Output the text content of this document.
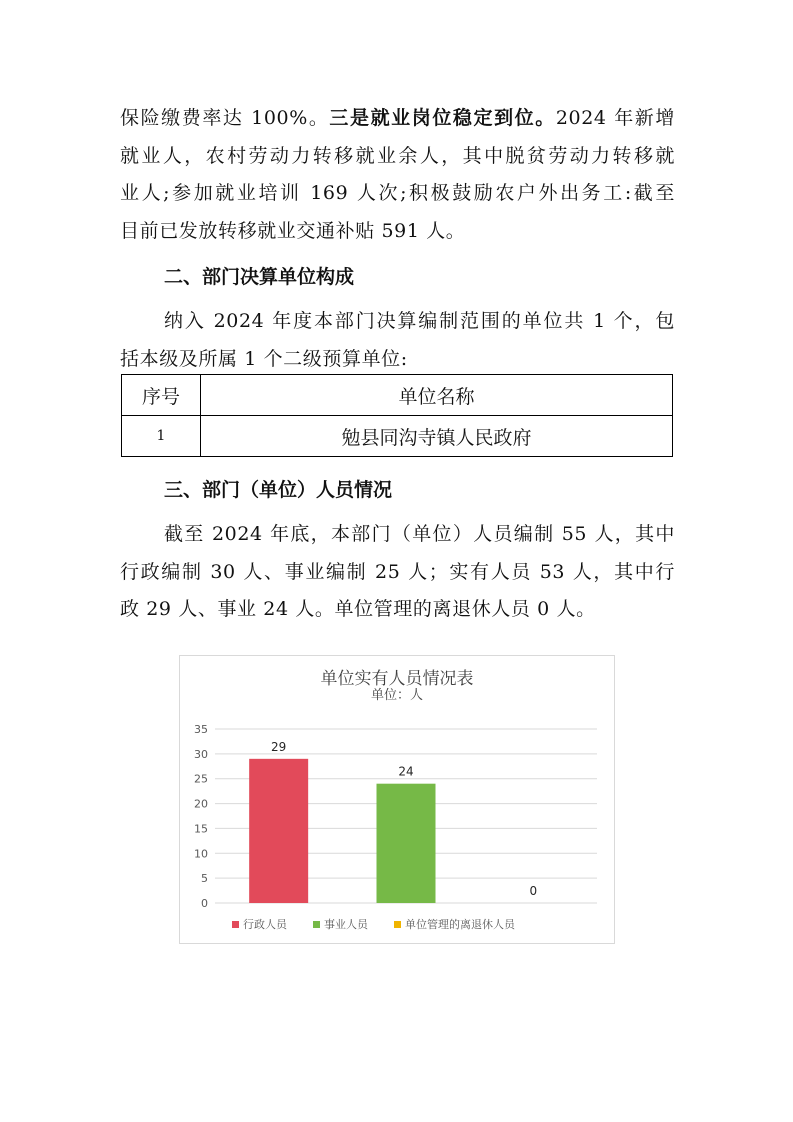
保险缴费率达 100%。三是就业岗位稳定到位。2024 年新增

就业人，农村劳动力转移就业余人，其中脱贫劳动力转移就

业人;参加就业培训 169 人次;积极鼓励农户外出务工:截至

目前已发放转移就业交通补贴 591 人。

二、部门决算单位构成

纳入 2024 年度本部门决算编制范围的单位共 1 个，包

括本级及所属 1 个二级预算单位:

序号	单位名称
1	勉县同沟寺镇人民政府
三、部门（单位）人员情况

截至 2024 年底，本部门（单位）人员编制 55 人，其中

行政编制 30 人、事业编制 25 人；实有人员 53 人，其中行

政 29 人、事业 24 人。单位管理的离退休人员 0 人。

单位实有人员情况表
单位：人
0
5
10
15
20
25
30
35
29
24
0
行政人员	事业人员	单位管理的离退休人员
